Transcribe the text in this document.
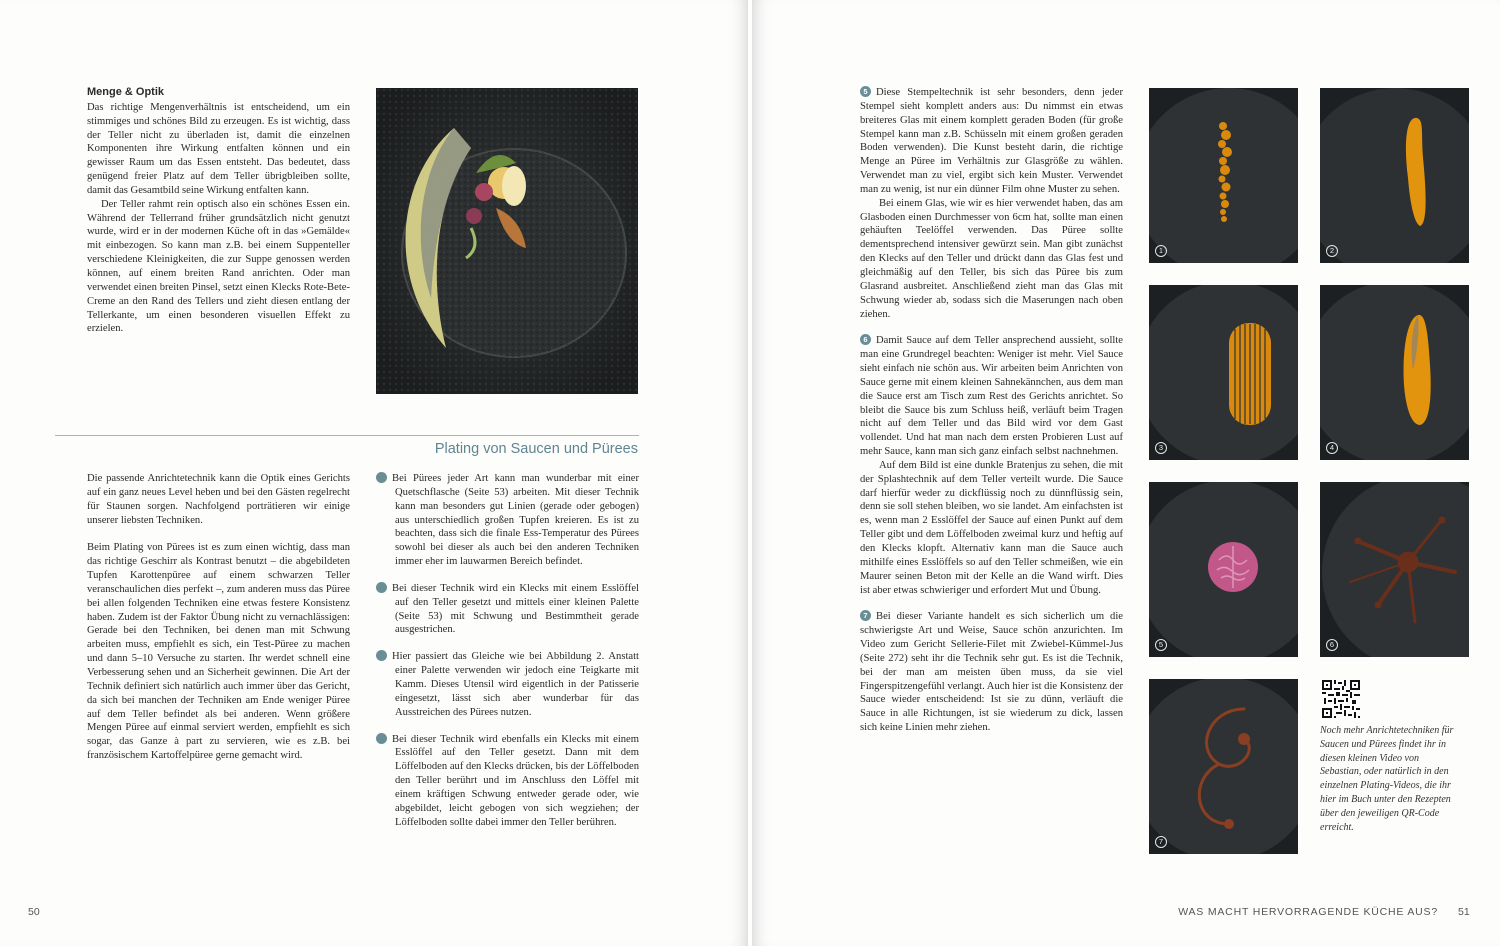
Menge & Optik

Das richtige Mengenverhältnis ist entscheidend, um ein stimmiges und schönes Bild zu erzeugen. Es ist wichtig, dass der Teller nicht zu überladen ist, damit die einzelnen Komponenten ihre Wirkung entfalten können und ein gewisser Raum um das Essen entsteht. Das bedeutet, dass genügend freier Platz auf dem Teller übrigbleiben sollte, damit das Gesamtbild seine Wirkung entfalten kann.

Der Teller rahmt rein optisch also ein schönes Essen ein. Während der Tellerrand früher grundsätzlich nicht genutzt wurde, wird er in der modernen Küche oft in das »Gemälde« mit einbezogen. So kann man z.B. bei einem Suppenteller verschiedene Kleinigkeiten, die zur Suppe genossen werden können, auf einem breiten Rand anrichten. Oder man verwendet einen breiten Pinsel, setzt einen Klecks Rote-Bete-Creme an den Rand des Tellers und zieht diesen entlang der Tellerkante, um einen besonderen visuellen Effekt zu erzielen.

Plating von Saucen und Pürees

Die passende Anrichtetechnik kann die Optik eines Gerichts auf ein ganz neues Level heben und bei den Gästen regelrecht für Staunen sorgen. Nachfolgend porträtieren wir einige unserer liebsten Techniken.

Beim Plating von Pürees ist es zum einen wichtig, dass man das richtige Geschirr als Kontrast benutzt – die abgebildeten Tupfen Karottenpüree auf einem schwarzen Teller veranschaulichen dies perfekt –, zum anderen muss das Püree bei allen folgenden Techniken eine etwas festere Konsistenz haben. Zudem ist der Faktor Übung nicht zu vernachlässigen: Gerade bei den Techniken, bei denen man mit Schwung arbeiten muss, empfiehlt es sich, ein Test-Püree zu machen und dann 5–10 Versuche zu starten. Ihr werdet schnell eine Verbesserung sehen und an Sicherheit gewinnen. Die Art der Technik definiert sich natürlich auch immer über das Gericht, da sich bei manchen der Techniken am Ende weniger Püree auf dem Teller befindet als bei anderen. Wenn größere Mengen Püree auf einmal serviert werden, empfiehlt es sich sogar, das Ganze à part zu servieren, wie es z.B. bei französischem Kartoffelpüree gerne gemacht wird.

1 Bei Pürees jeder Art kann man wunderbar mit einer Quetschflasche (Seite 53) arbeiten. Mit dieser Technik kann man besonders gut Linien (gerade oder gebogen) aus unterschiedlich großen Tupfen kreieren. Es ist zu beachten, dass sich die finale Ess-Temperatur des Pürees sowohl bei dieser als auch bei den anderen Techniken immer eher im lauwarmen Bereich befindet.
2 Bei dieser Technik wird ein Klecks mit einem Esslöffel auf den Teller gesetzt und mittels einer kleinen Palette (Seite 53) mit Schwung und Bestimmtheit gerade ausgestrichen.
3 Hier passiert das Gleiche wie bei Abbildung 2. Anstatt einer Palette verwenden wir jedoch eine Teigkarte mit Kamm. Dieses Utensil wird eigentlich in der Patisserie eingesetzt, lässt sich aber wunderbar für das Ausstreichen des Pürees nutzen.
4 Bei dieser Technik wird ebenfalls ein Klecks mit einem Esslöffel auf den Teller gesetzt. Dann mit dem Löffelboden auf den Klecks drücken, bis der Löffelboden den Teller berührt und im Anschluss den Löffel mit einem kräftigen Schwung entweder gerade oder, wie abgebildet, leicht gebogen von sich wegziehen; der Löffelboden sollte dabei immer den Teller berühren.
50

5 Diese Stempeltechnik ist sehr besonders, denn jeder Stempel sieht komplett anders aus: Du nimmst ein etwas breiteres Glas mit einem komplett geraden Boden (für große Stempel kann man z.B. Schüsseln mit einem großen geraden Boden verwenden). Die Kunst besteht darin, die richtige Menge an Püree im Verhältnis zur Glasgröße zu wählen. Verwendet man zu viel, ergibt sich kein Muster. Verwendet man zu wenig, ist nur ein dünner Film ohne Muster zu sehen.

Bei einem Glas, wie wir es hier verwendet haben, das am Glasboden einen Durchmesser von 6cm hat, sollte man einen gehäuften Teelöffel verwenden. Das Püree sollte dementsprechend intensiver gewürzt sein. Man gibt zunächst den Klecks auf den Teller und drückt dann das Glas fest und gleichmäßig auf den Teller, bis sich das Püree bis zum Glasrand ausbreitet. Anschließend zieht man das Glas mit Schwung wieder ab, sodass sich die Maserungen nach oben ziehen.

6 Damit Sauce auf dem Teller ansprechend aussieht, sollte man eine Grundregel beachten: Weniger ist mehr. Viel Sauce sieht einfach nie schön aus. Wir arbeiten beim Anrichten von Sauce gerne mit einem kleinen Sahnekännchen, aus dem man die Sauce erst am Tisch zum Rest des Gerichts anrichtet. So bleibt die Sauce bis zum Schluss heiß, verläuft beim Tragen nicht auf dem Teller und das Bild wird vor dem Gast vollendet. Und hat man nach dem ersten Probieren Lust auf mehr Sauce, kann man sich ganz einfach selbst nachnehmen.

Auf dem Bild ist eine dunkle Bratenjus zu sehen, die mit der Splashtechnik auf dem Teller verteilt wurde. Die Sauce darf hierfür weder zu dickflüssig noch zu dünnflüssig sein, denn sie soll stehen bleiben, wo sie landet. Am einfachsten ist es, wenn man 2 Esslöffel der Sauce auf einen Punkt auf dem Teller gibt und dem Löffelboden zweimal kurz und heftig auf den Klecks klopft. Alternativ kann man die Sauce auch mithilfe eines Esslöffels so auf den Teller schmeißen, wie ein Maurer seinen Beton mit der Kelle an die Wand wirft. Dies ist aber etwas schwieriger und erfordert Mut und Übung.

7 Bei dieser Variante handelt es sich sicherlich um die schwierigste Art und Weise, Sauce schön anzurichten. Im Video zum Gericht Sellerie-Filet mit Zwiebel-Kümmel-Jus (Seite 272) seht ihr die Technik sehr gut. Es ist die Technik, bei der man am meisten üben muss, da sie viel Fingerspitzengefühl verlangt. Auch hier ist die Konsistenz der Sauce wieder entscheidend: Ist sie zu dünn, verläuft die Sauce in alle Richtungen, ist sie wiederum zu dick, lassen sich keine Linien mehr ziehen.

1	2
3	4
5	6
7
Noch mehr Anrichtetechniken für Saucen und Pürees findet ihr in diesen kleinen Video von Sebastian, oder natürlich in den einzelnen Plating-Videos, die ihr hier im Buch unter den Rezepten über den jeweiligen QR-Code erreicht.
WAS MACHT HERVORRAGENDE KÜCHE AUS? 51
